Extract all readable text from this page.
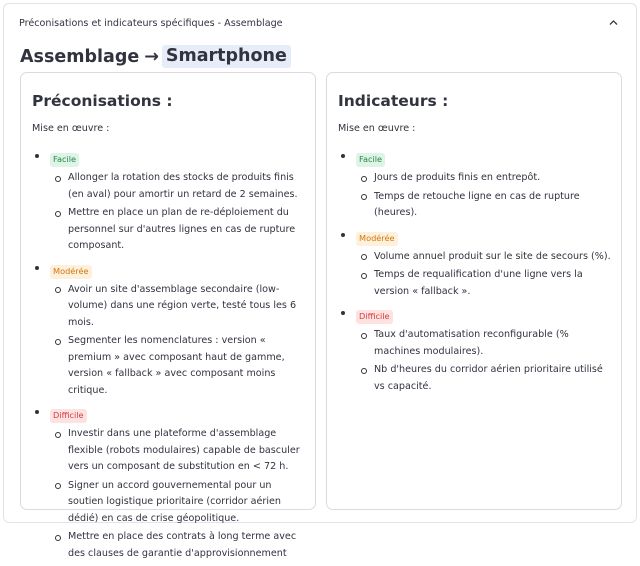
Préconisations et indicateurs spécifiques - Assemblage
Assemblage → Smartphone
Préconisations :
Mise en œuvre :
Facile
Allonger la rotation des stocks de produits finis (en aval) pour amortir un retard de 2 semaines.
Mettre en place un plan de re-déploiement du personnel sur d'autres lignes en cas de rupture composant.
Modérée
Avoir un site d'assemblage secondaire (low-volume) dans une région verte, testé tous les 6 mois.
Segmenter les nomenclatures : version « premium » avec composant haut de gamme, version « fallback » avec composant moins critique.
Difficile
Investir dans une plateforme d'assemblage flexible (robots modulaires) capable de basculer vers un composant de substitution en < 72 h.
Signer un accord gouvernemental pour un soutien logistique prioritaire (corridor aérien dédié) en cas de crise géopolitique.
Mettre en place des contrats à long terme avec des clauses de garantie d'approvisionnement
Indicateurs :
Mise en œuvre :
Facile
Jours de produits finis en entrepôt.
Temps de retouche ligne en cas de rupture (heures).
Modérée
Volume annuel produit sur le site de secours (%).
Temps de requalification d'une ligne vers la version « fallback ».
Difficile
Taux d'automatisation reconfigurable (% machines modulaires).
Nb d'heures du corridor aérien prioritaire utilisé vs capacité.
